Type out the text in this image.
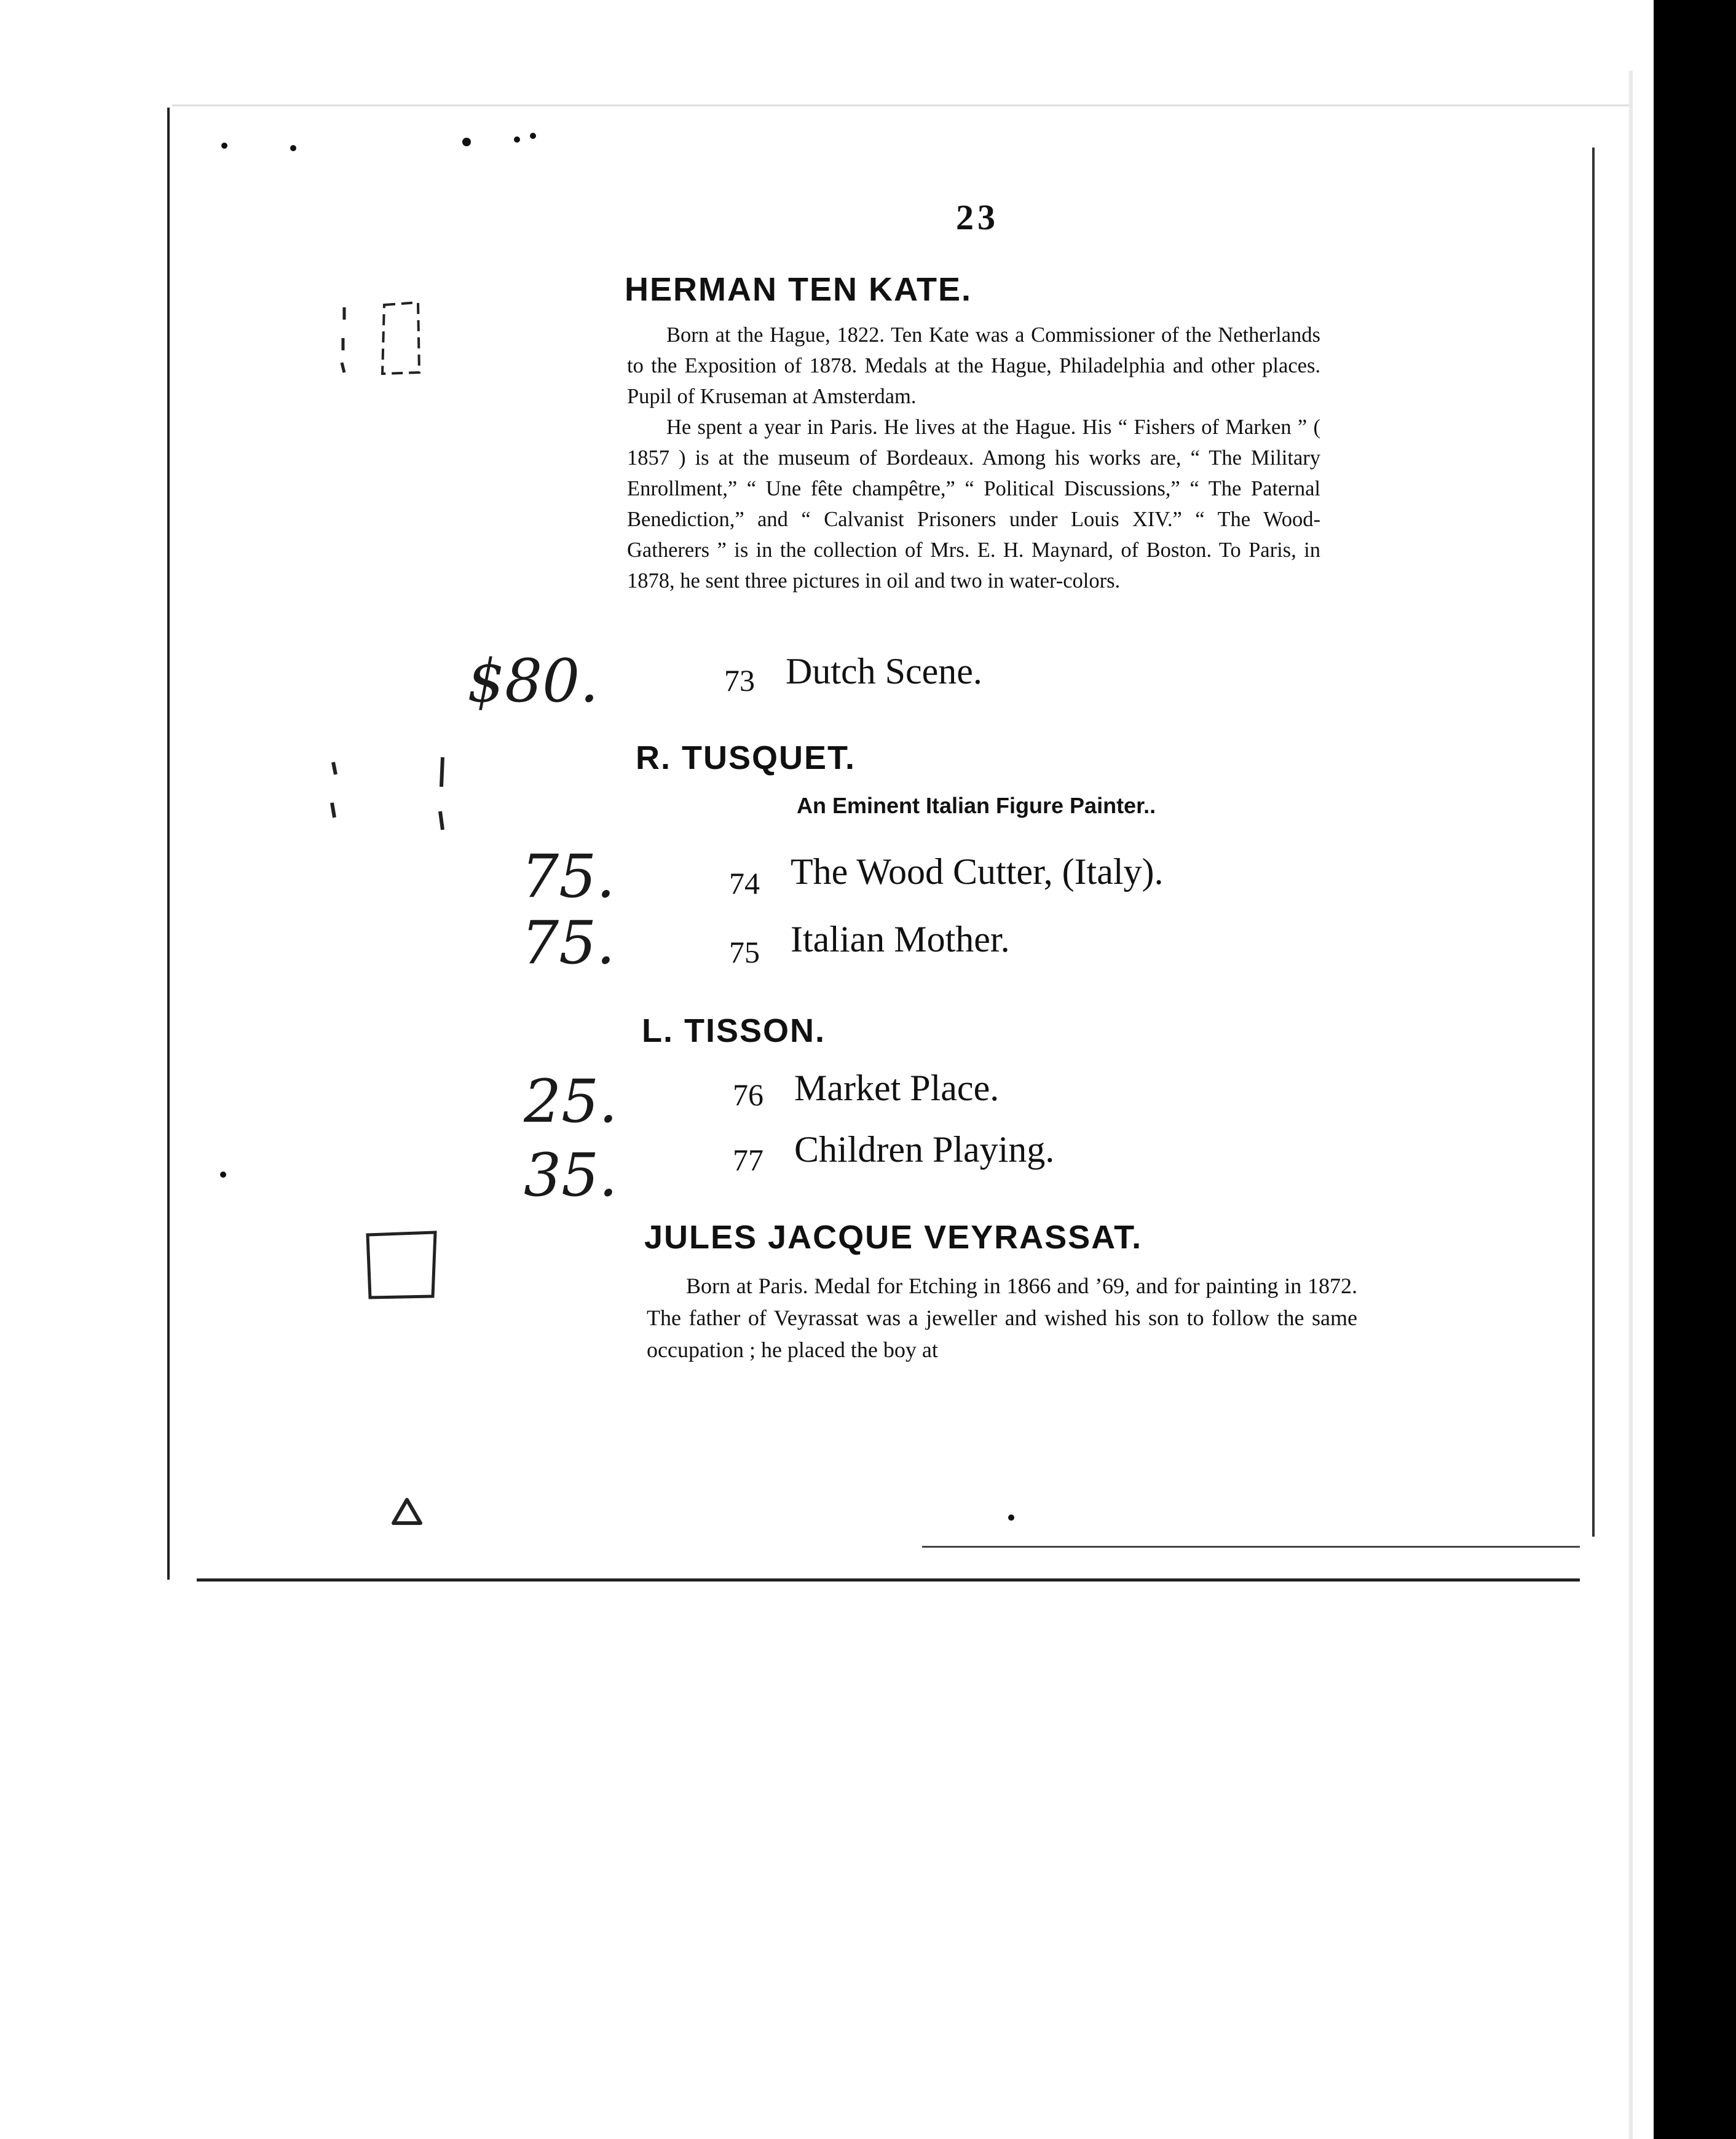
23
HERMAN TEN KATE.

Born at the Hague, 1822. Ten Kate was a Commissioner of the Netherlands to the Exposition of 1878. Medals at the Hague, Philadelphia and other places. Pupil of Kruseman at Amsterdam.

He spent a year in Paris. He lives at the Hague. His “ Fishers of Marken ” ( 1857 ) is at the museum of Bordeaux. Among his works are, “ The Military Enrollment,” “ Une fête champêtre,” “ Political Discussions,” “ The Paternal Benediction,” and “ Calvanist Prisoners under Louis XIV.” “ The Wood-Gatherers ” is in the collection of Mrs. E. H. Maynard, of Boston. To Paris, in 1878, he sent three pictures in oil and two in water-colors.

$80.	73 Dutch Scene.
R. TUSQUET.
An Eminent Italian Figure Painter..
75.	74 The Wood Cutter, (Italy).
75.	75 Italian Mother.
L. TISSON.
25.	76 Market Place.
35.	77 Children Playing.
JULES JACQUE VEYRASSAT.

Born at Paris. Medal for Etching in 1866 and ’69, and for painting in 1872. The father of Veyrassat was a jeweller and wished his son to follow the same occupation ; he placed the boy at
